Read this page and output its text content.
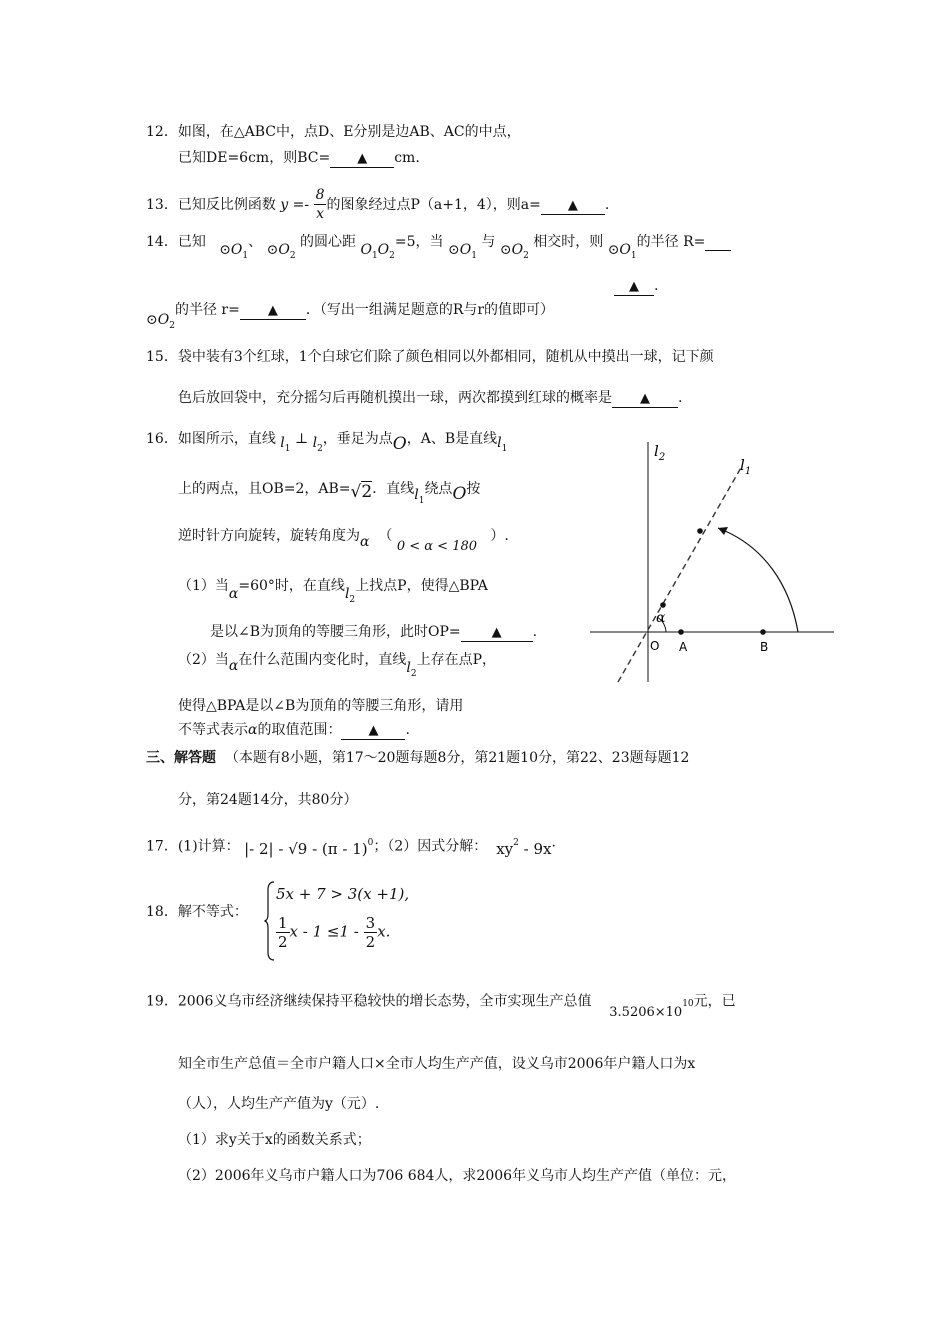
12．如图，在△ABC中，点D、E分别是边AB、AC的中点，
已知DE=6cm，则BC= ▲ cm.
13．已知反比例函数 $y =- \frac{8}{x}$ 的图象经过点P（a+1，4），则a= ▲ .
14．已知 $⊙O_1$、 $⊙O_2$ 的圆心距 $O_1O_2=5$，当 $⊙O_1$ 与 $⊙O_2$ 相交时，则 $⊙O_1$的半径 R=
▲ .
$⊙O_2$的半径 r= ▲ ．（写出一组满足题意的R与r的值即可）
15．袋中装有3个红球，1个白球它们除了颜色相同以外都相同，随机从中摸出一球，记下颜
色后放回袋中，充分摇匀后再随机摸出一球，两次都摸到红球的概率是 ▲ .
16．如图所示，直线 $l_1$ ⊥ $l_2$，垂足为点O，A、B是直线$l_1$
上的两点，且OB=2，AB=√2．直线$l_1$绕点O按
逆时针方向旋转，旋转角度为α （ 0 < α < 180   ）.
（1）当α=60°时，在直线$l_2$上找点P，使得△BPA
是以∠B为顶角的等腰三角形，此时OP= ▲ .
（2）当α在什么范围内变化时，直线$l_2$上存在点P，
使得△BPA是以∠B为顶角的等腰三角形，请用
不等式表示α的取值范围： ▲ .
$l_2$	$l_1$
α
O A	B
三、解答题 （本题有8小题，第17～20题每题8分，第21题10分，第22、23题每题12
分，第24题14分，共80分）
17．(1)计算： |- 2| - √9 - (π - 1)$^0$；（2）因式分解： $xy^2 - 9x\cdot$
18．解不等式：
5x + 7 > 3(x +1),
$\frac{1}{2}$ $x - 1 \le 1 - \frac{3}{2} x$.
19．2006义乌市经济继续保持平稳较快的增长态势，全市实现生产总值    $3.5206\times 10^{10}$元，已
知全市生产总值＝全市户籍人口×全市人均生产产值，设义乌市2006年户籍人口为x
（人），人均生产产值为y（元）.
（1）求y关于x的函数关系式；
（2）2006年义乌市户籍人口为706 684人，求2006年义乌市人均生产产值（单位：元，
